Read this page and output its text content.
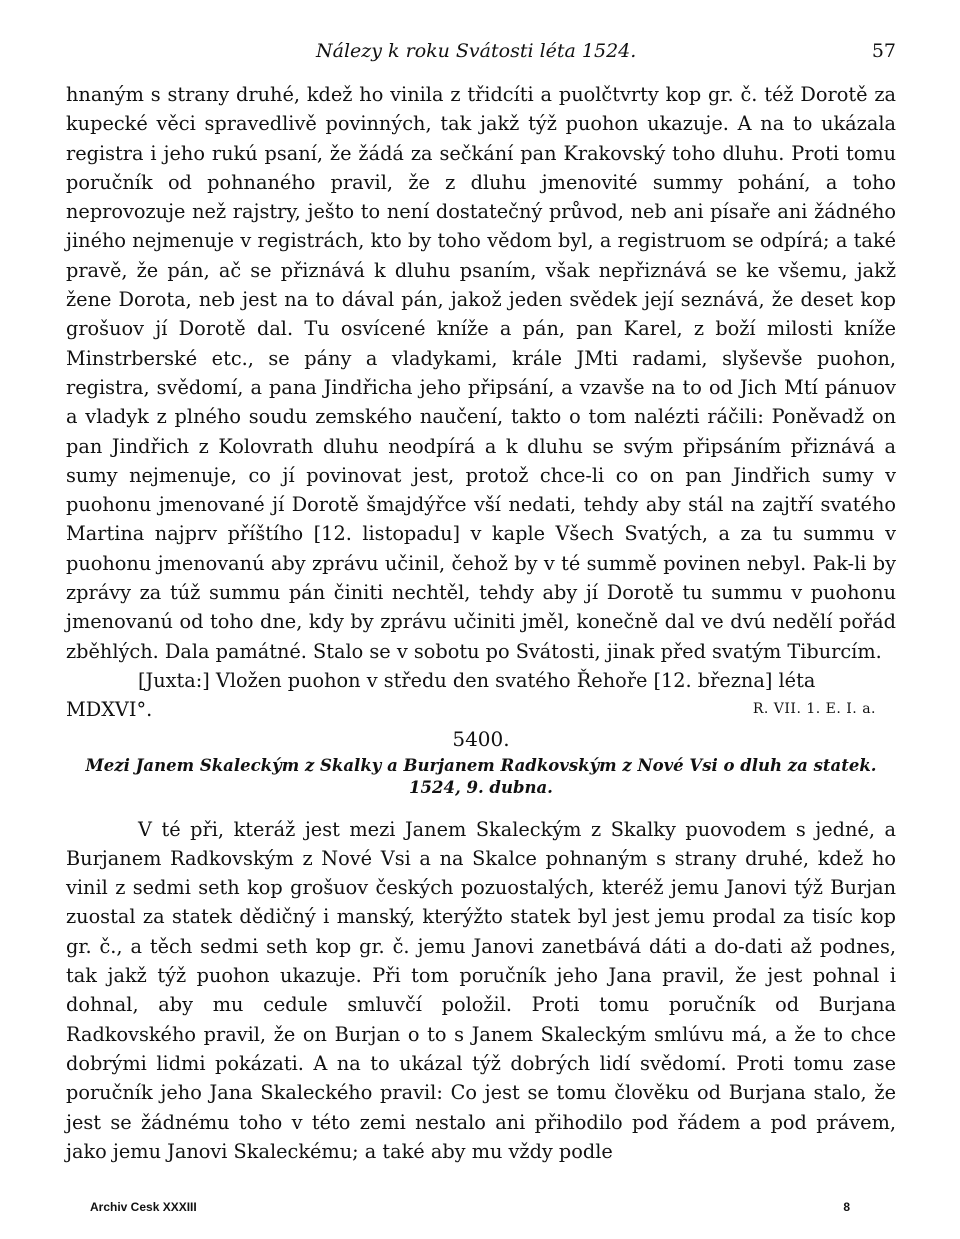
Nálezy k roku Svátosti léta 1524.	57

hnaným s strany druhé, kdež ho vinila z třidcíti a puolčtvrty kop gr. č. též Dorotě za kupecké věci spravedlivě povinných, tak jakž týž puohon ukazuje. A na to ukázala registra i jeho rukú psaní, že žádá za sečkání pan Krakovský toho dluhu. Proti tomu poručník od pohnaného pravil, že z dluhu jmenovité summy pohání, a toho neprovozuje než rajstry, ješto to není dostatečný průvod, neb ani písaře ani žádného jiného nejmenuje v registrách, kto by toho vědom byl, a registruom se odpírá; a také pravě, že pán, ač se přiznává k dluhu psaním, však nepřiznává se ke všemu, jakž žene Dorota, neb jest na to dával pán, jakož jeden svědek její seznává, že deset kop grošuov jí Dorotě dal. Tu osvícené kníže a pán, pan Karel, z boží milosti kníže Minstrberské etc., se pány a vladykami, krále JMti radami, slyševše puohon, registra, svědomí, a pana Jindřicha jeho připsání, a vzavše na to od Jich Mtí pánuov a vladyk z plného soudu zemského naučení, takto o tom nalézti ráčili: Poněvadž on pan Jindřich z Kolovrath dluhu neodpírá a k dluhu se svým připsáním přiznává a sumy nejmenuje, co jí povinovat jest, protož chce-li co on pan Jindřich sumy v puohonu jmenované jí Dorotě šmajdýřce vší nedati, tehdy aby stál na zajtří svatého Martina najprv příštího [12. listopadu] v kaple Všech Svatých, a za tu summu v puohonu jmenovanú aby zprávu učinil, čehož by v té summě povinen nebyl. Pak-li by zprávy za túž summu pán činiti nechtěl, tehdy aby jí Dorotě tu summu v puohonu jmenovanú od toho dne, kdy by zprávu učiniti jměl, konečně dal ve dvú nedělí pořád zběhlých. Dala památné. Stalo se v sobotu po Svátosti, jinak před svatým Tiburcím.

[Juxta:] Vložen puohon v středu den svatého Řehoře [12. března] léta

MDXVI°.	R. VII. 1. E. I. a.
5400.
Mezi Janem Skaleckým z Skalky a Burjanem Radkovským z Nové Vsi o dluh za statek.
1524, 9. dubna.

V té při, kteráž jest mezi Janem Skaleckým z Skalky puovodem s jedné, a Burjanem Radkovským z Nové Vsi a na Skalce pohnaným s strany druhé, kdež ho vinil z sedmi seth kop grošuov českých pozuostalých, kteréž jemu Janovi týž Burjan zuostal za statek dědičný i manský, kterýžto statek byl jest jemu prodal za tisíc kop gr. č., a těch sedmi seth kop gr. č. jemu Janovi zanetbává dáti a do-dati až podnes, tak jakž týž puohon ukazuje. Při tom poručník jeho Jana pravil, že jest pohnal i dohnal, aby mu cedule smluvčí položil. Proti tomu poručník od Burjana Radkovského pravil, že on Burjan o to s Janem Skaleckým smlúvu má, a že to chce dobrými lidmi pokázati. A na to ukázal týž dobrých lidí svědomí. Proti tomu zase poručník jeho Jana Skaleckého pravil: Co jest se tomu člověku od Burjana stalo, že jest se žádnému toho v této zemi nestalo ani přihodilo pod řádem a pod právem, jako jemu Janovi Skaleckému; a také aby mu vždy podle

Archiv Cesk XXXIII	8
